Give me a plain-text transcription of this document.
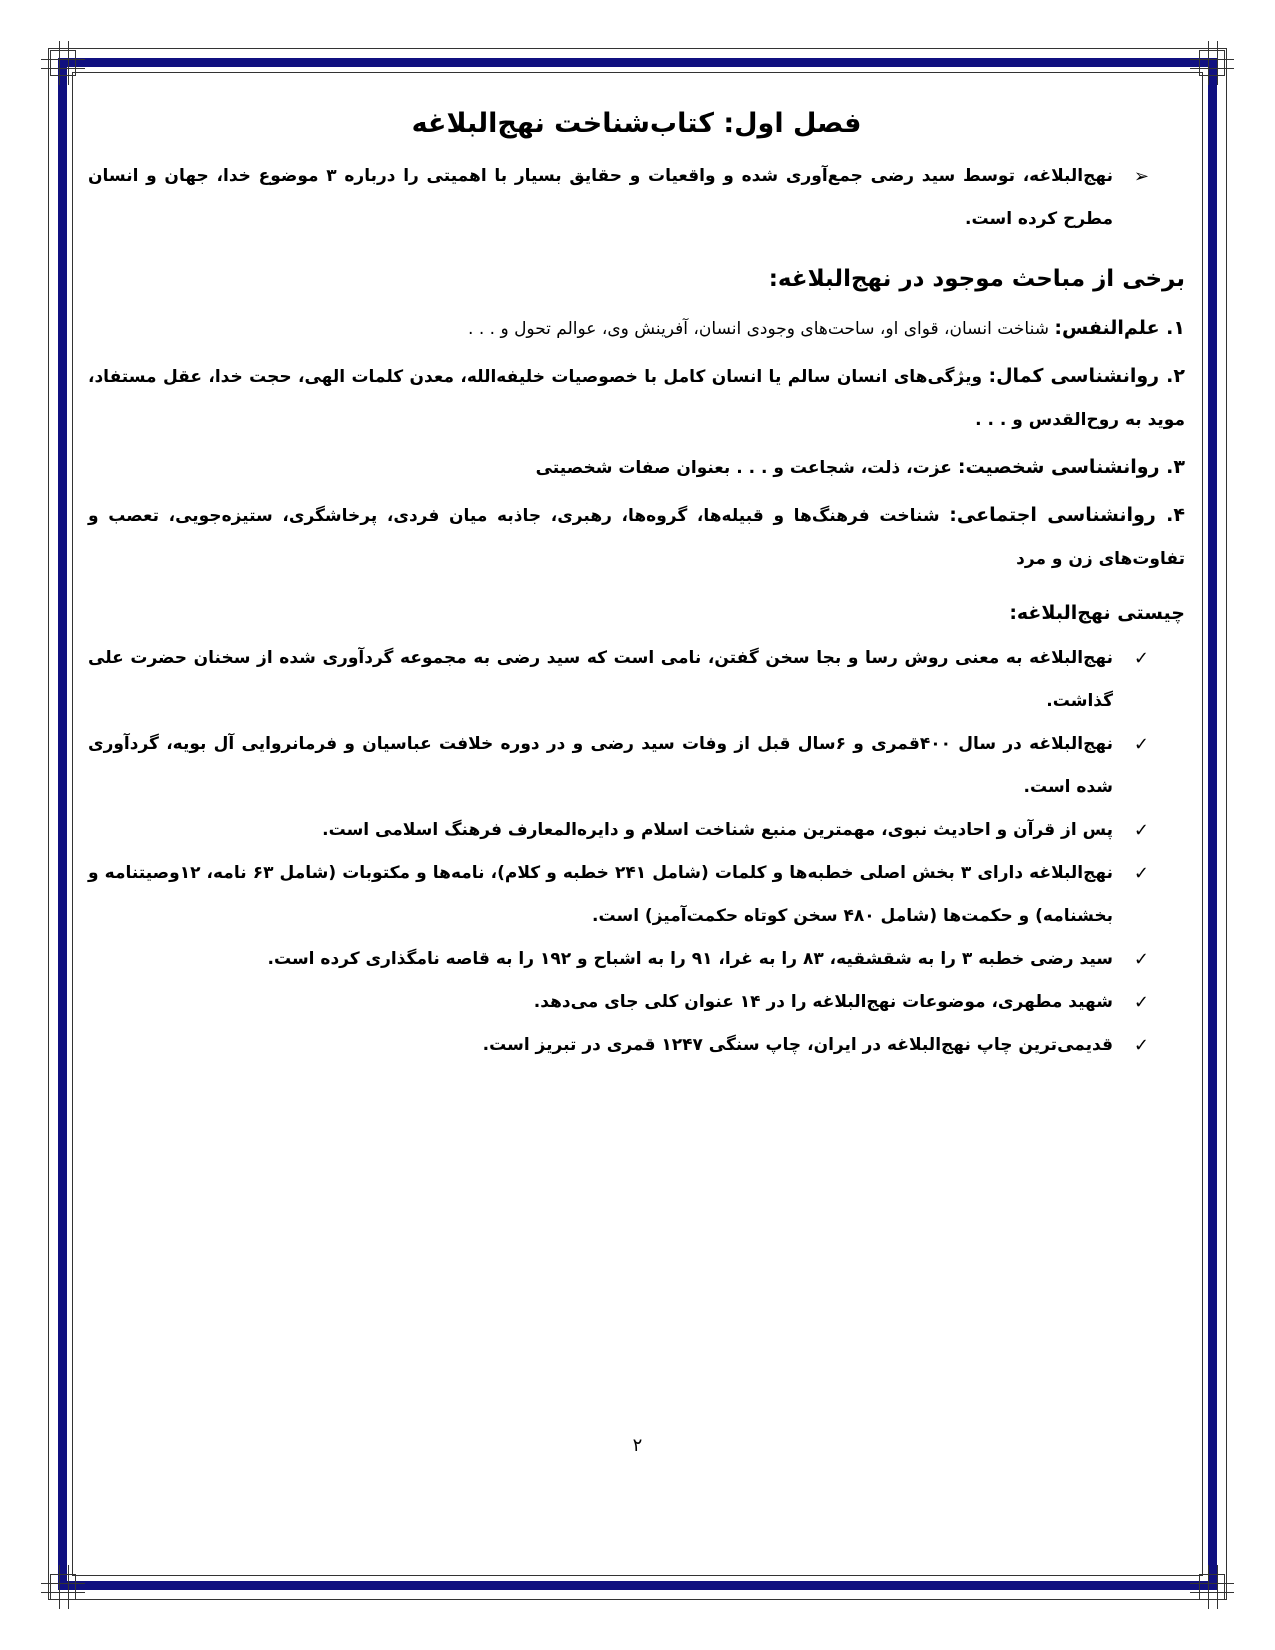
فصل اول: کتاب‌شناخت نهج‌البلاغه

➢
نهج‌البلاغه، توسط سید رضی جمع‌آوری شده و واقعیات و حقایق بسیار با اهمیتی را درباره ۳ موضوع خدا، جهان و انسان مطرح کرده است.

برخی از مباحث موجود در نهج‌البلاغه:
۱. علم‌النفس: شناخت انسان، قوای او، ساحت‌های وجودی انسان، آفرینش وی، عوالم تحول و . . .
۲. روانشناسی کمال: ویژگی‌های انسان سالم یا انسان کامل با خصوصیات خلیفه‌الله، معدن کلمات الهی، حجت خدا، عقل مستفاد، موید به روح‌القدس و . . .
۳. روانشناسی شخصیت: عزت، ذلت، شجاعت و . . . بعنوان صفات شخصیتی
۴. روانشناسی اجتماعی: شناخت فرهنگ‌ها و قبیله‌ها، گروه‌ها، رهبری، جاذبه میان فردی، پرخاشگری، ستیزه‌جویی، تعصب و تفاوت‌های زن و مرد
چیستی نهج‌البلاغه:

✓
نهج‌البلاغه به معنی روش رسا و بجا سخن گفتن، نامی است که سید رضی به مجموعه گردآوری شده از سخنان حضرت علی گذاشت.

✓
نهج‌البلاغه در سال ۴۰۰قمری و ۶سال قبل از وفات سید رضی و در دوره خلافت عباسیان و فرمانروایی آل بویه، گردآوری شده است.

✓
پس از قرآن و احادیث نبوی، مهمترین منبع شناخت اسلام و دایره‌المعارف فرهنگ اسلامی است.

✓
نهج‌البلاغه دارای ۳ بخش اصلی خطبه‌ها و کلمات (شامل ۲۴۱ خطبه و کلام)، نامه‌ها و مکتوبات (شامل ۶۳ نامه، ۱۲وصیتنامه و بخشنامه) و حکمت‌ها (شامل ۴۸۰ سخن کوتاه حکمت‌آمیز) است.

✓
سید رضی خطبه ۳ را به شقشقیه، ۸۳ را به غرا، ۹۱ را به اشباح و ۱۹۲ را به قاصه نامگذاری کرده است.

✓
شهید مطهری، موضوعات نهج‌البلاغه را در ۱۴ عنوان کلی جای می‌دهد.

✓
قدیمی‌ترین چاپ نهج‌البلاغه در ایران، چاپ سنگی ۱۲۴۷ قمری در تبریز است.

۲
